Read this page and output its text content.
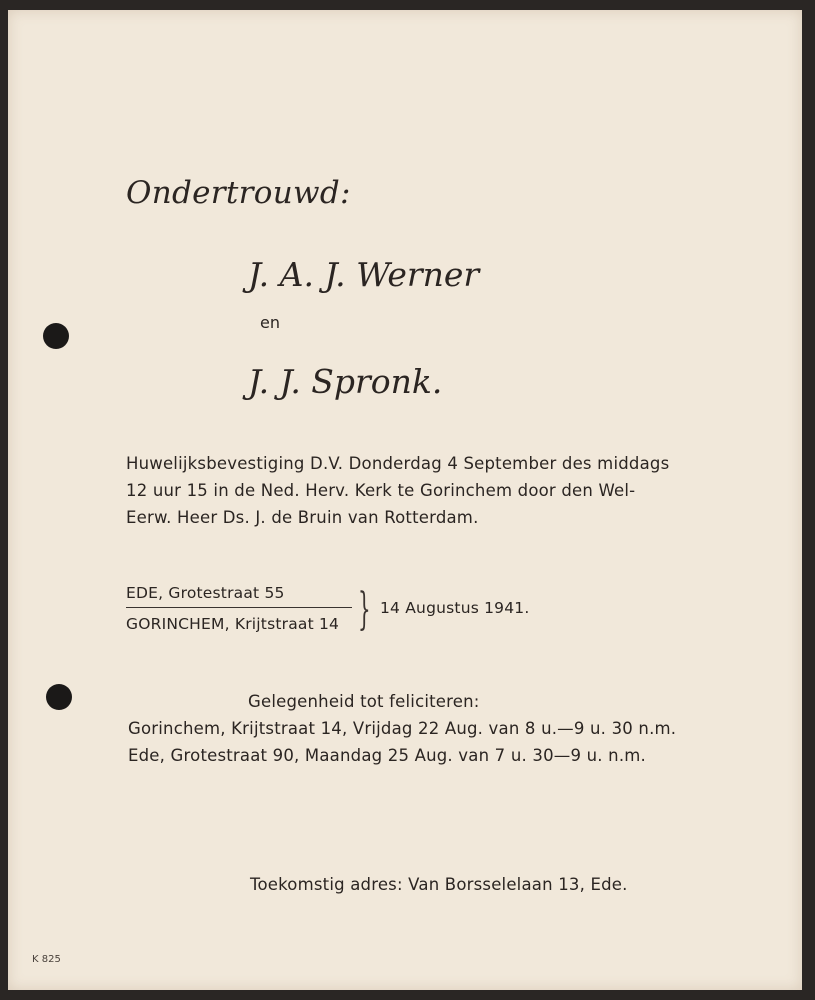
Ondertrouwd:
J. A. J. Werner
en
J. J. Spronk.
Huwelijksbevestiging D.V. Donderdag 4 September des middags
12 uur 15 in de Ned. Herv. Kerk te Gorinchem door den Wel-
Eerw. Heer Ds. J. de Bruin van Rotterdam.
EDE, Grotestraat 55
GORINCHEM, Krijtstraat 14 } 14 Augustus 1941.
Gelegenheid tot feliciteren:
Gorinchem, Krijtstraat 14, Vrijdag 22 Aug. van 8 u.—9 u. 30 n.m.
Ede, Grotestraat 90, Maandag 25 Aug. van 7 u. 30—9 u. n.m.
Toekomstig adres: Van Borsselelaan 13, Ede.
K 825
